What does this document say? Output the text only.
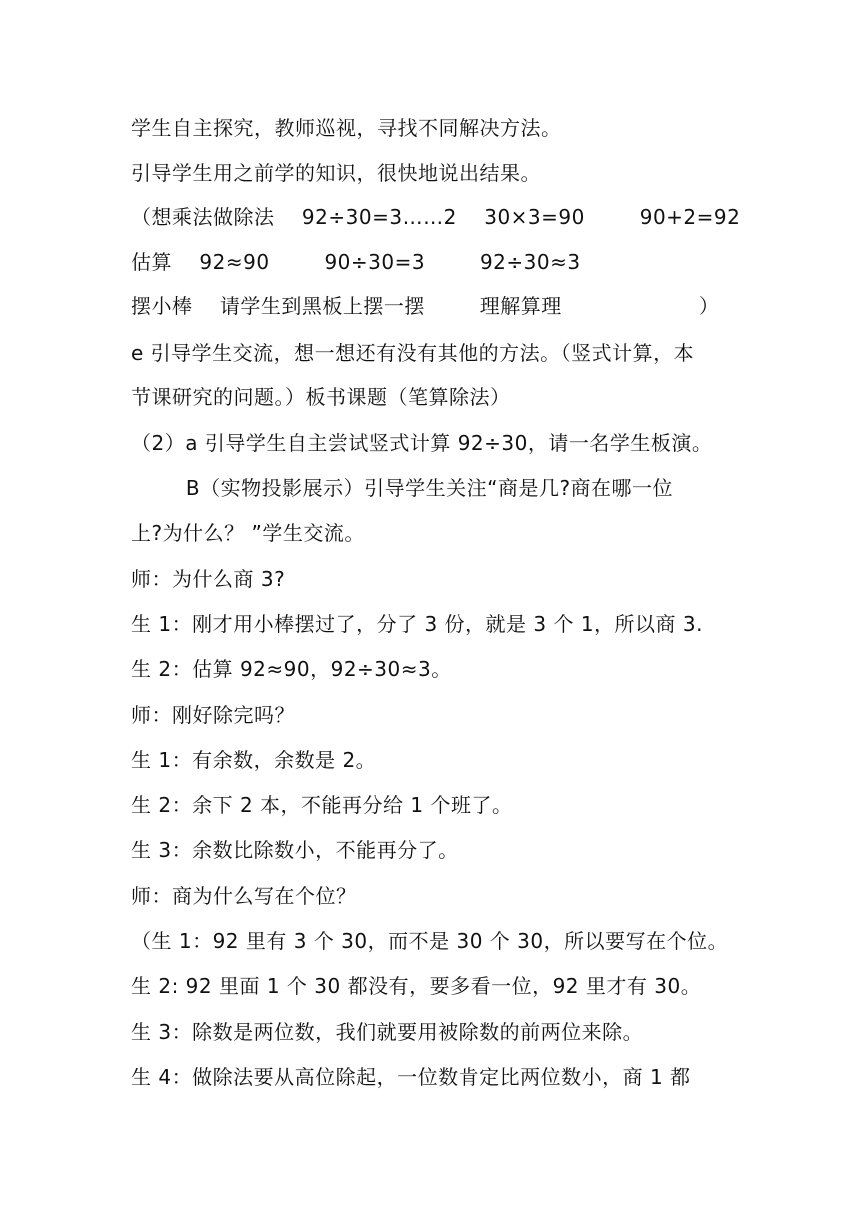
学生自主探究，教师巡视，寻找不同解决方法。
引导学生用之前学的知识，很快地说出结果。
（想乘法做除法    92÷30=3……2    30×3=90        90+2=92
估算    92≈90        90÷30=3        92÷30≈3
摆小棒    请学生到黑板上摆一摆        理解算理                    ）
e 引导学生交流，想一想还有没有其他的方法。（竖式计算，本
节课研究的问题。）板书课题（笔算除法）
（2）a 引导学生自主尝试竖式计算 92÷30，请一名学生板演。
B（实物投影展示）引导学生关注“商是几?商在哪一位
上?为什么？ ”学生交流。
师：为什么商 3?
生 1：刚才用小棒摆过了，分了 3 份，就是 3 个 1，所以商 3.
生 2：估算 92≈90，92÷30≈3。
师：刚好除完吗？
生 1：有余数，余数是 2。
生 2：余下 2 本，不能再分给 1 个班了。
生 3：余数比除数小，不能再分了。
师：商为什么写在个位？
（生 1：92 里有 3 个 30，而不是 30 个 30，所以要写在个位。
生 2: 92 里面 1 个 30 都没有，要多看一位，92 里才有 30。
生 3：除数是两位数，我们就要用被除数的前两位来除。
生 4：做除法要从高位除起，一位数肯定比两位数小，商 1 都
